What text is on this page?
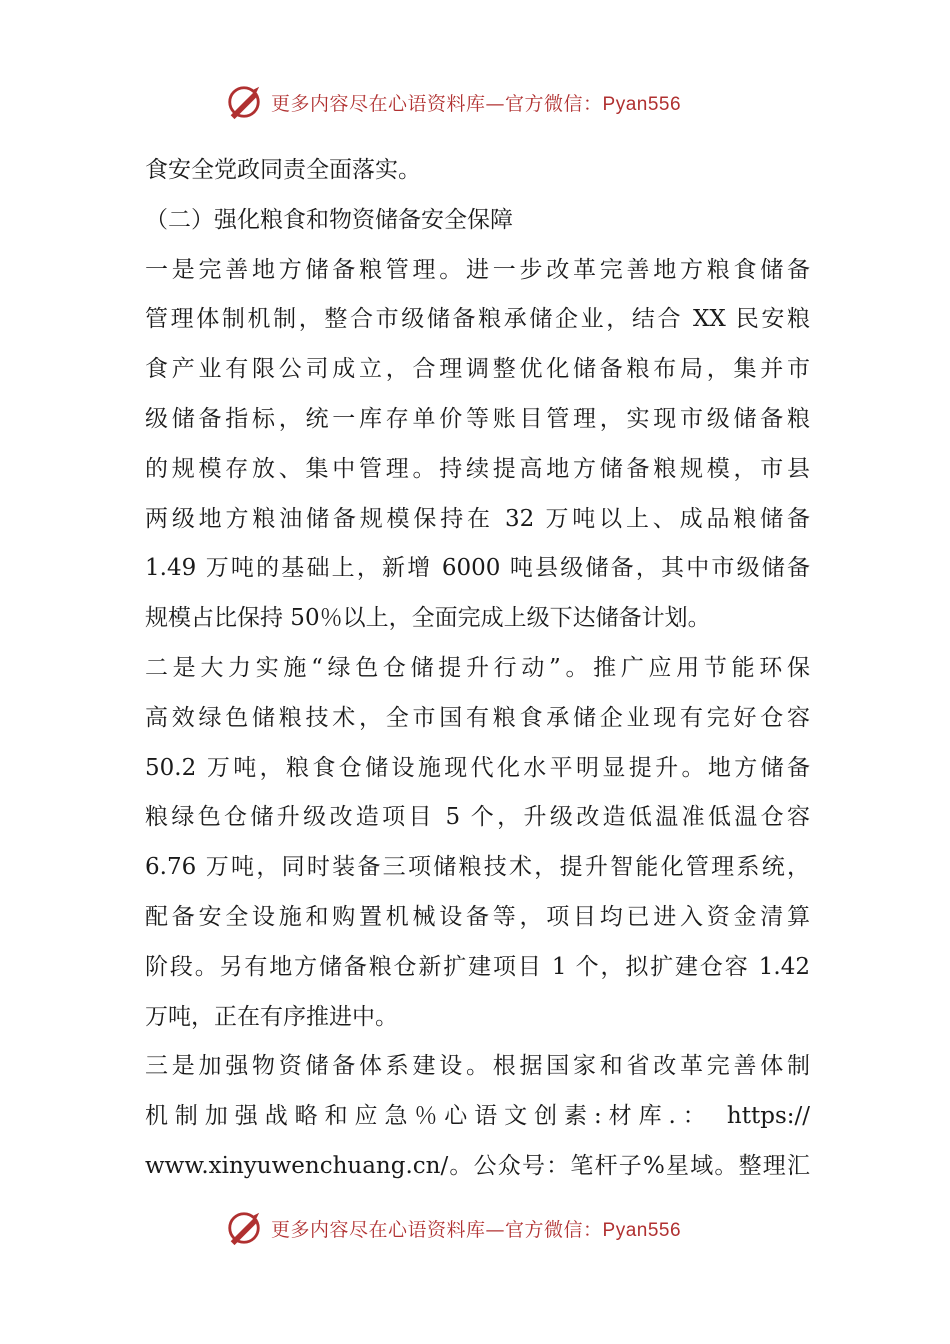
更多内容尽在心语资料库—官方微信：Pyan556
食安全党政同责全面落实。
（二）强化粮食和物资储备安全保障
一是完善地方储备粮管理。进一步改革完善地方粮食储备
管理体制机制，整合市级储备粮承储企业，结合 XX 民安粮
食产业有限公司成立，合理调整优化储备粮布局，集并市
级储备指标，统一库存单价等账目管理，实现市级储备粮
的规模存放、集中管理。持续提高地方储备粮规模，市县
两级地方粮油储备规模保持在 32 万吨以上、成品粮储备
1.49 万吨的基础上，新增 6000 吨县级储备，其中市级储备
规模占比保持 50％以上，全面完成上级下达储备计划。
二是大力实施“绿色仓储提升行动”。推广应用节能环保
高效绿色储粮技术，全市国有粮食承储企业现有完好仓容
50.2 万吨，粮食仓储设施现代化水平明显提升。地方储备
粮绿色仓储升级改造项目 5 个，升级改造低温准低温仓容
6.76 万吨，同时装备三项储粮技术，提升智能化管理系统，
配备安全设施和购置机械设备等，项目均已进入资金清算
阶段。另有地方储备粮仓新扩建项目 1 个，拟扩建仓容 1.42
万吨，正在有序推进中。
三是加强物资储备体系建设。根据国家和省改革完善体制
机制加强战略和应急％心语文创素:材库.： https://
www.xinyuwenchuang.cn/。公众号：笔杆子%星域。整理汇
更多内容尽在心语资料库—官方微信：Pyan556
